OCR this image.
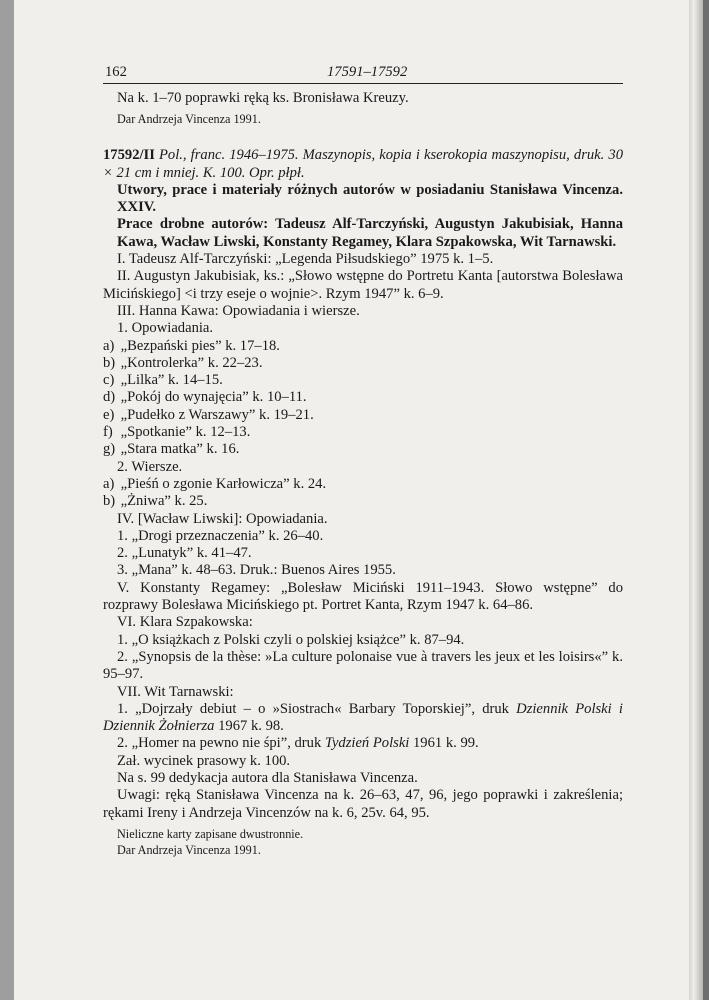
162	17591–17592

Na k. 1–70 poprawki ręką ks. Bronisława Kreuzy.

Dar Andrzeja Vincenza 1991.

17592/II Pol., franc. 1946–1975. Maszynopis, kopia i kserokopia maszynopisu, druk. 30 × 21 cm i mniej. K. 100. Opr. płpł.

Utwory, prace i materiały różnych autorów w posiadaniu Stanisława Vincenza. XXIV.

Prace drobne autorów: Tadeusz Alf-Tarczyński, Augustyn Jakubisiak, Hanna Kawa, Wacław Liwski, Konstanty Regamey, Klara Szpakowska, Wit Tarnawski.

I. Tadeusz Alf-Tarczyński: „Legenda Piłsudskiego” 1975 k. 1–5.

II. Augustyn Jakubisiak, ks.: „Słowo wstępne do Portretu Kanta [autorstwa Bolesława Micińskiego] <i trzy eseje o wojnie>. Rzym 1947” k. 6–9.

III. Hanna Kawa: Opowiadania i wiersze.

1. Opowiadania.

a) „Bezpański pies” k. 17–18.

b) „Kontrolerka” k. 22–23.

c) „Lilka” k. 14–15.

d) „Pokój do wynajęcia” k. 10–11.

e) „Pudełko z Warszawy” k. 19–21.

f) „Spotkanie” k. 12–13.

g) „Stara matka” k. 16.

2. Wiersze.

a) „Pieśń o zgonie Karłowicza” k. 24.

b) „Żniwa” k. 25.

IV. [Wacław Liwski]: Opowiadania.

1. „Drogi przeznaczenia” k. 26–40.

2. „Lunatyk” k. 41–47.

3. „Mana” k. 48–63. Druk.: Buenos Aires 1955.

V. Konstanty Regamey: „Bolesław Miciński 1911–1943. Słowo wstępne” do rozprawy Bolesława Micińskiego pt. Portret Kanta, Rzym 1947 k. 64–86.

VI. Klara Szpakowska:

1. „O książkach z Polski czyli o polskiej książce” k. 87–94.

2. „Synopsis de la thèse: »La culture polonaise vue à travers les jeux et les loisirs«” k. 95–97.

VII. Wit Tarnawski:

1. „Dojrzały debiut – o »Siostrach« Barbary Toporskiej”, druk Dziennik Polski i Dziennik Żołnierza 1967 k. 98.

2. „Homer na pewno nie śpi”, druk Tydzień Polski 1961 k. 99.

Zał. wycinek prasowy k. 100.

Na s. 99 dedykacja autora dla Stanisława Vincenza.

Uwagi: ręką Stanisława Vincenza na k. 26–63, 47, 96, jego poprawki i zakreślenia; rękami Ireny i Andrzeja Vincenzów na k. 6, 25v. 64, 95.

Nieliczne karty zapisane dwustronnie.

Dar Andrzeja Vincenza 1991.
